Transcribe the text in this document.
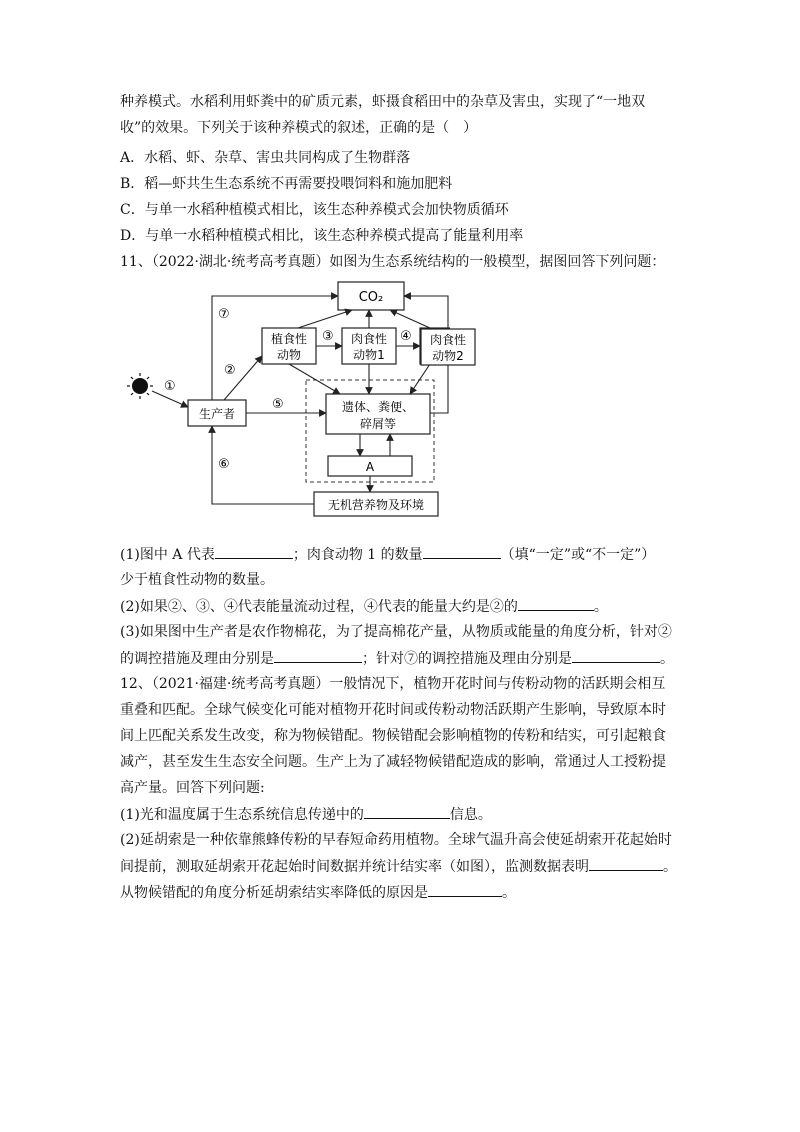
种养模式。水稻利用虾粪中的矿质元素，虾摄食稻田中的杂草及害虫，实现了“一地双
收”的效果。下列关于该种养模式的叙述，正确的是（　）
A．水稻、虾、杂草、害虫共同构成了生物群落
B．稻—虾共生生态系统不再需要投喂饲料和施加肥料
C．与单一水稻种植模式相比，该生态种养模式会加快物质循环
D．与单一水稻种植模式相比，该生态种养模式提高了能量利用率
11、（2022·湖北·统考高考真题）如图为生态系统结构的一般模型，据图回答下列问题：
CO₂
植食性
动物
肉食性
动物1
生产者	遗体、粪便、
碎屑等
A
无机营养物及环境
①
②
③	④
⑤
⑥
⑦
肉食性
动物2
(1)图中 A 代表	；肉食动物 1 的数量	（填“一定”或“不一定”）
少于植食性动物的数量。
(2)如果②、③、④代表能量流动过程，④代表的能量大约是②的	。
(3)如果图中生产者是农作物棉花，为了提高棉花产量，从物质或能量的角度分析，针对②
的调控措施及理由分别是	；针对⑦的调控措施及理由分别是	。
12、（2021·福建·统考高考真题）一般情况下，植物开花时间与传粉动物的活跃期会相互
重叠和匹配。全球气候变化可能对植物开花时间或传粉动物活跃期产生影响，导致原本时
间上匹配关系发生改变，称为物候错配。物候错配会影响植物的传粉和结实，可引起粮食
减产，甚至发生生态安全问题。生产上为了减轻物候错配造成的影响，常通过人工授粉提
高产量。回答下列问题:
(1)光和温度属于生态系统信息传递中的	信息。
(2)延胡索是一种依靠熊蜂传粉的早春短命药用植物。全球气温升高会使延胡索开花起始时
间提前，测取延胡索开花起始时间数据并统计结实率（如图），监测数据表明	。
从物候错配的角度分析延胡索结实率降低的原因是	。
